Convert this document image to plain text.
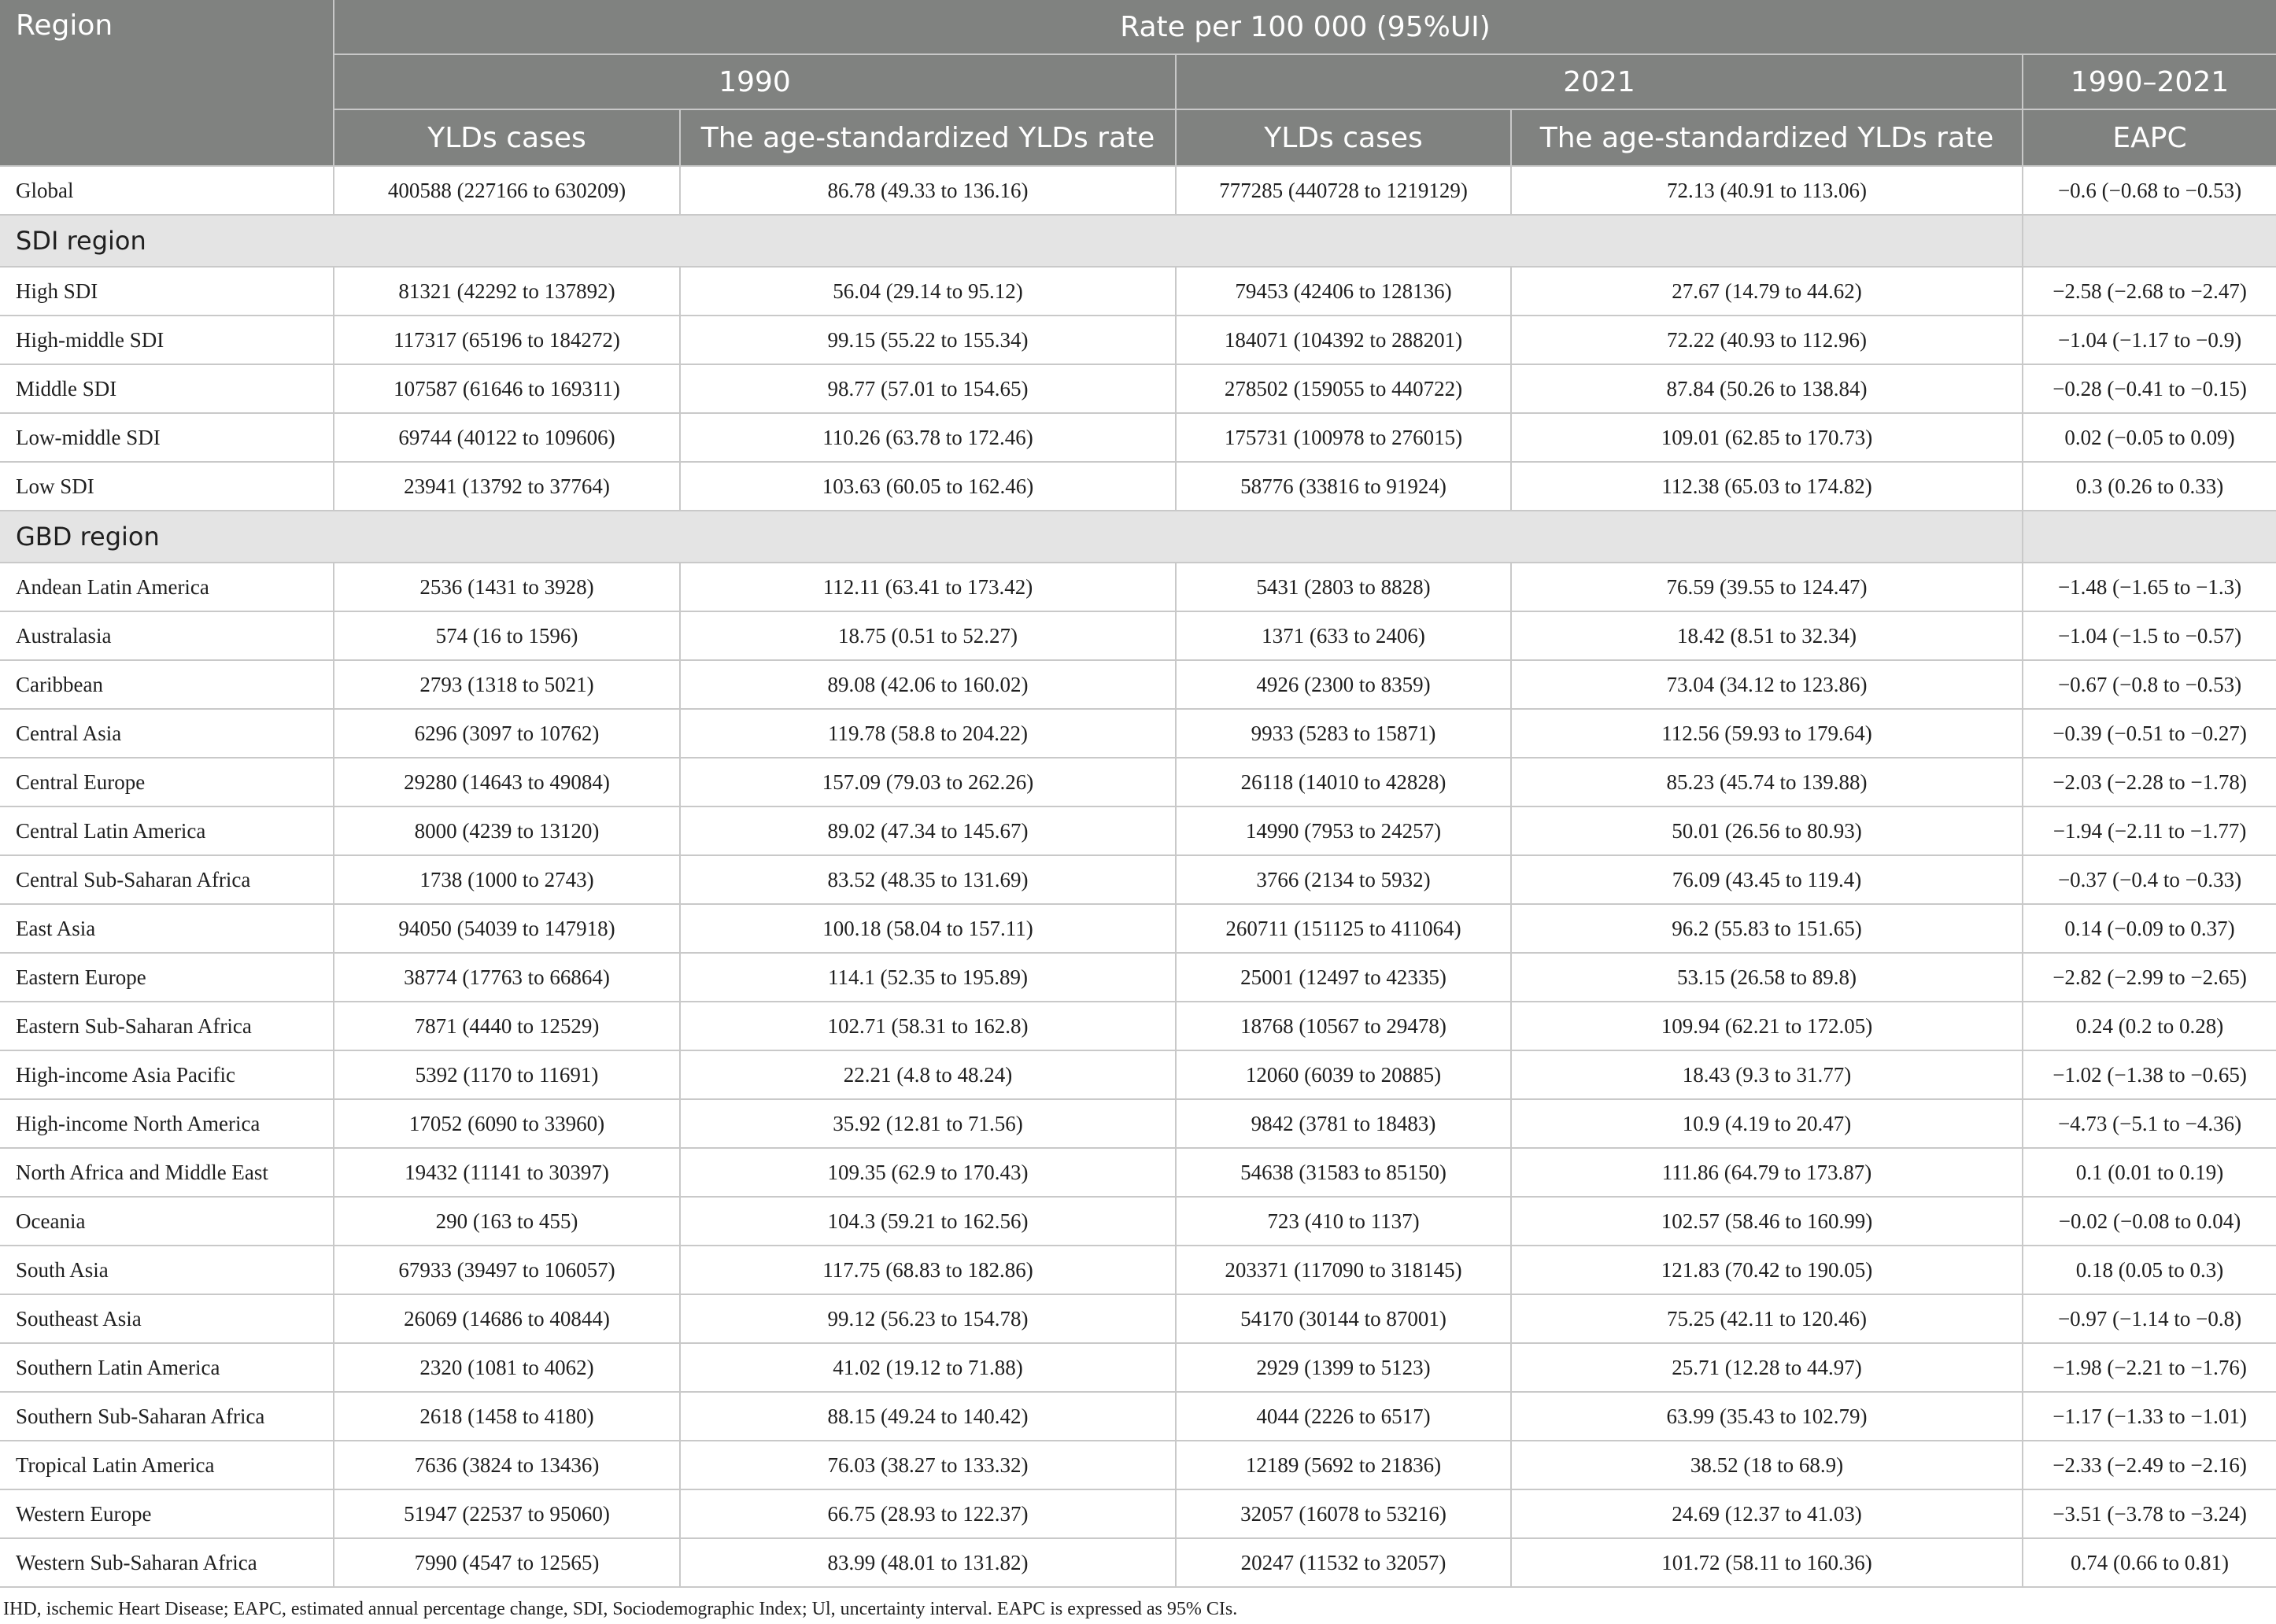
Region	Rate per 100 000 (95%UI)				
	1990		2021		1990–2021
	YLDs cases	The age-standardized YLDs rate	YLDs cases	The age-standardized YLDs rate	EAPC
Global	400588 (227166 to 630209)	86.78 (49.33 to 136.16)	777285 (440728 to 1219129)	72.13 (40.91 to 113.06)	−0.6 (−0.68 to −0.53)
SDI region					
High SDI	81321 (42292 to 137892)	56.04 (29.14 to 95.12)	79453 (42406 to 128136)	27.67 (14.79 to 44.62)	−2.58 (−2.68 to −2.47)
High-middle SDI	117317 (65196 to 184272)	99.15 (55.22 to 155.34)	184071 (104392 to 288201)	72.22 (40.93 to 112.96)	−1.04 (−1.17 to −0.9)
Middle SDI	107587 (61646 to 169311)	98.77 (57.01 to 154.65)	278502 (159055 to 440722)	87.84 (50.26 to 138.84)	−0.28 (−0.41 to −0.15)
Low-middle SDI	69744 (40122 to 109606)	110.26 (63.78 to 172.46)	175731 (100978 to 276015)	109.01 (62.85 to 170.73)	0.02 (−0.05 to 0.09)
Low SDI	23941 (13792 to 37764)	103.63 (60.05 to 162.46)	58776 (33816 to 91924)	112.38 (65.03 to 174.82)	0.3 (0.26 to 0.33)
GBD region					
Andean Latin America	2536 (1431 to 3928)	112.11 (63.41 to 173.42)	5431 (2803 to 8828)	76.59 (39.55 to 124.47)	−1.48 (−1.65 to −1.3)
Australasia	574 (16 to 1596)	18.75 (0.51 to 52.27)	1371 (633 to 2406)	18.42 (8.51 to 32.34)	−1.04 (−1.5 to −0.57)
Caribbean	2793 (1318 to 5021)	89.08 (42.06 to 160.02)	4926 (2300 to 8359)	73.04 (34.12 to 123.86)	−0.67 (−0.8 to −0.53)
Central Asia	6296 (3097 to 10762)	119.78 (58.8 to 204.22)	9933 (5283 to 15871)	112.56 (59.93 to 179.64)	−0.39 (−0.51 to −0.27)
Central Europe	29280 (14643 to 49084)	157.09 (79.03 to 262.26)	26118 (14010 to 42828)	85.23 (45.74 to 139.88)	−2.03 (−2.28 to −1.78)
Central Latin America	8000 (4239 to 13120)	89.02 (47.34 to 145.67)	14990 (7953 to 24257)	50.01 (26.56 to 80.93)	−1.94 (−2.11 to −1.77)
Central Sub-Saharan Africa	1738 (1000 to 2743)	83.52 (48.35 to 131.69)	3766 (2134 to 5932)	76.09 (43.45 to 119.4)	−0.37 (−0.4 to −0.33)
East Asia	94050 (54039 to 147918)	100.18 (58.04 to 157.11)	260711 (151125 to 411064)	96.2 (55.83 to 151.65)	0.14 (−0.09 to 0.37)
Eastern Europe	38774 (17763 to 66864)	114.1 (52.35 to 195.89)	25001 (12497 to 42335)	53.15 (26.58 to 89.8)	−2.82 (−2.99 to −2.65)
Eastern Sub-Saharan Africa	7871 (4440 to 12529)	102.71 (58.31 to 162.8)	18768 (10567 to 29478)	109.94 (62.21 to 172.05)	0.24 (0.2 to 0.28)
High-income Asia Pacific	5392 (1170 to 11691)	22.21 (4.8 to 48.24)	12060 (6039 to 20885)	18.43 (9.3 to 31.77)	−1.02 (−1.38 to −0.65)
High-income North America	17052 (6090 to 33960)	35.92 (12.81 to 71.56)	9842 (3781 to 18483)	10.9 (4.19 to 20.47)	−4.73 (−5.1 to −4.36)
North Africa and Middle East	19432 (11141 to 30397)	109.35 (62.9 to 170.43)	54638 (31583 to 85150)	111.86 (64.79 to 173.87)	0.1 (0.01 to 0.19)
Oceania	290 (163 to 455)	104.3 (59.21 to 162.56)	723 (410 to 1137)	102.57 (58.46 to 160.99)	−0.02 (−0.08 to 0.04)
South Asia	67933 (39497 to 106057)	117.75 (68.83 to 182.86)	203371 (117090 to 318145)	121.83 (70.42 to 190.05)	0.18 (0.05 to 0.3)
Southeast Asia	26069 (14686 to 40844)	99.12 (56.23 to 154.78)	54170 (30144 to 87001)	75.25 (42.11 to 120.46)	−0.97 (−1.14 to −0.8)
Southern Latin America	2320 (1081 to 4062)	41.02 (19.12 to 71.88)	2929 (1399 to 5123)	25.71 (12.28 to 44.97)	−1.98 (−2.21 to −1.76)
Southern Sub-Saharan Africa	2618 (1458 to 4180)	88.15 (49.24 to 140.42)	4044 (2226 to 6517)	63.99 (35.43 to 102.79)	−1.17 (−1.33 to −1.01)
Tropical Latin America	7636 (3824 to 13436)	76.03 (38.27 to 133.32)	12189 (5692 to 21836)	38.52 (18 to 68.9)	−2.33 (−2.49 to −2.16)
Western Europe	51947 (22537 to 95060)	66.75 (28.93 to 122.37)	32057 (16078 to 53216)	24.69 (12.37 to 41.03)	−3.51 (−3.78 to −3.24)
Western Sub-Saharan Africa	7990 (4547 to 12565)	83.99 (48.01 to 131.82)	20247 (11532 to 32057)	101.72 (58.11 to 160.36)	0.74 (0.66 to 0.81)
IHD, ischemic Heart Disease; EAPC, estimated annual percentage change, SDI, Sociodemographic Index; Ul, uncertainty interval. EAPC is expressed as 95% CIs.
